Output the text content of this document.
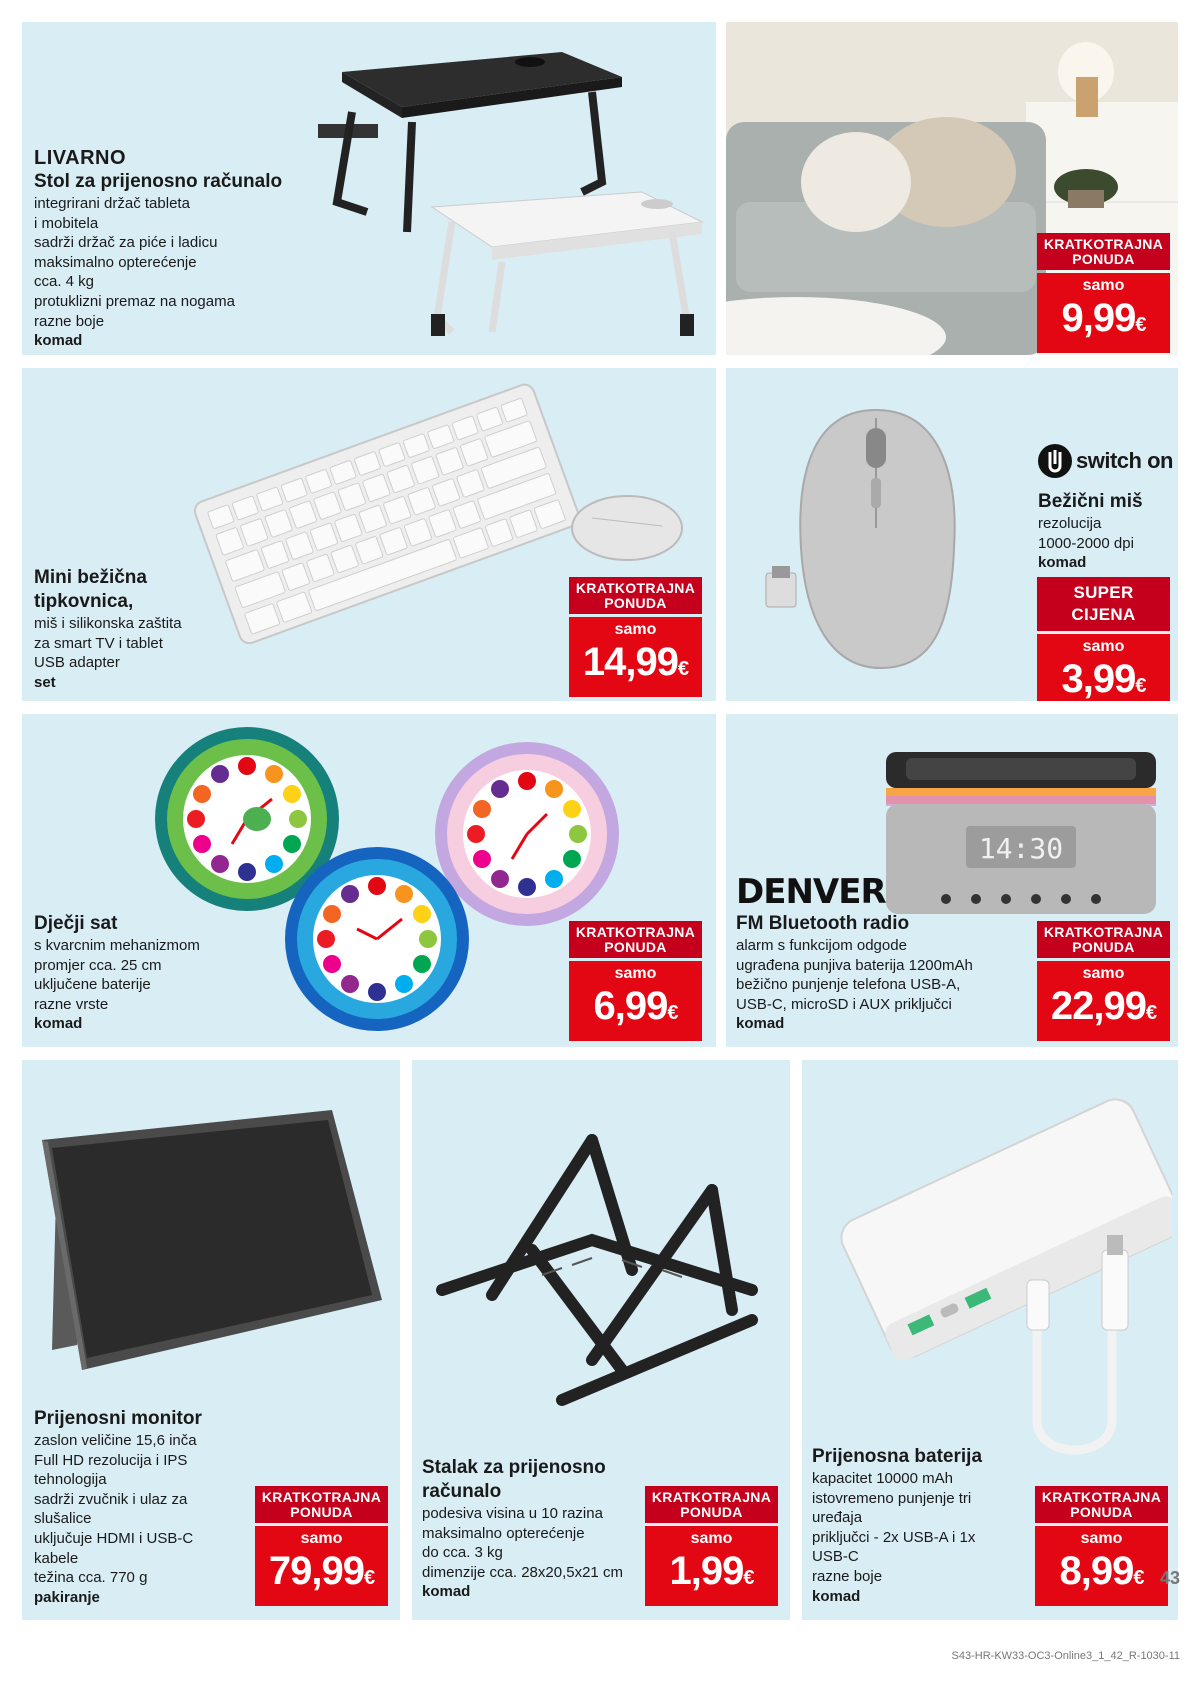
LIVARNO
Stol za prijenosno računalo
integrirani držač tableta
i mobitela
sadrži držač za piće i ladicu
maksimalno opterećenje
cca. 4 kg
protuklizni premaz na nogama
razne boje
komad
KRATKOTRAJNA PONUDA
samo
9,99€
Mini bežična
tipkovnica,
miš i silikonska zaštita
za smart TV i tablet
USB adapter
set
KRATKOTRAJNA PONUDA
samo
14,99€
switch on
Bežični miš
rezolucija
1000-2000 dpi
komad
SUPER CIJENA
samo
3,99€
Dječji sat
s kvarcnim mehanizmom
promjer cca. 25 cm
uključene baterije
razne vrste
komad
KRATKOTRAJNA PONUDA
samo
6,99€
14:30
DENVER
FM Bluetooth radio
alarm s funkcijom odgode
ugrađena punjiva baterija 1200mAh
bežično punjenje telefona USB-A,
USB-C, microSD i AUX priključci
komad
KRATKOTRAJNA PONUDA
samo
22,99€
Prijenosni monitor
zaslon veličine 15,6 inča
Full HD rezolucija i IPS
tehnologija
sadrži zvučnik i ulaz za
slušalice
uključuje HDMI i USB-C
kabele
težina cca. 770 g
pakiranje
KRATKOTRAJNA PONUDA
samo
79,99€
Stalak za prijenosno
računalo
podesiva visina u 10 razina
maksimalno opterećenje
do cca. 3 kg
dimenzije cca. 28x20,5x21 cm
komad
KRATKOTRAJNA PONUDA
samo
1,99€
Prijenosna baterija
kapacitet 10000 mAh
istovremeno punjenje tri
uređaja
priključci - 2x USB-A i 1x
USB-C
razne boje
komad
KRATKOTRAJNA PONUDA
samo
8,99€ 43
S43-HR-KW33-OC3-Online3_1_42_R-1030-11
